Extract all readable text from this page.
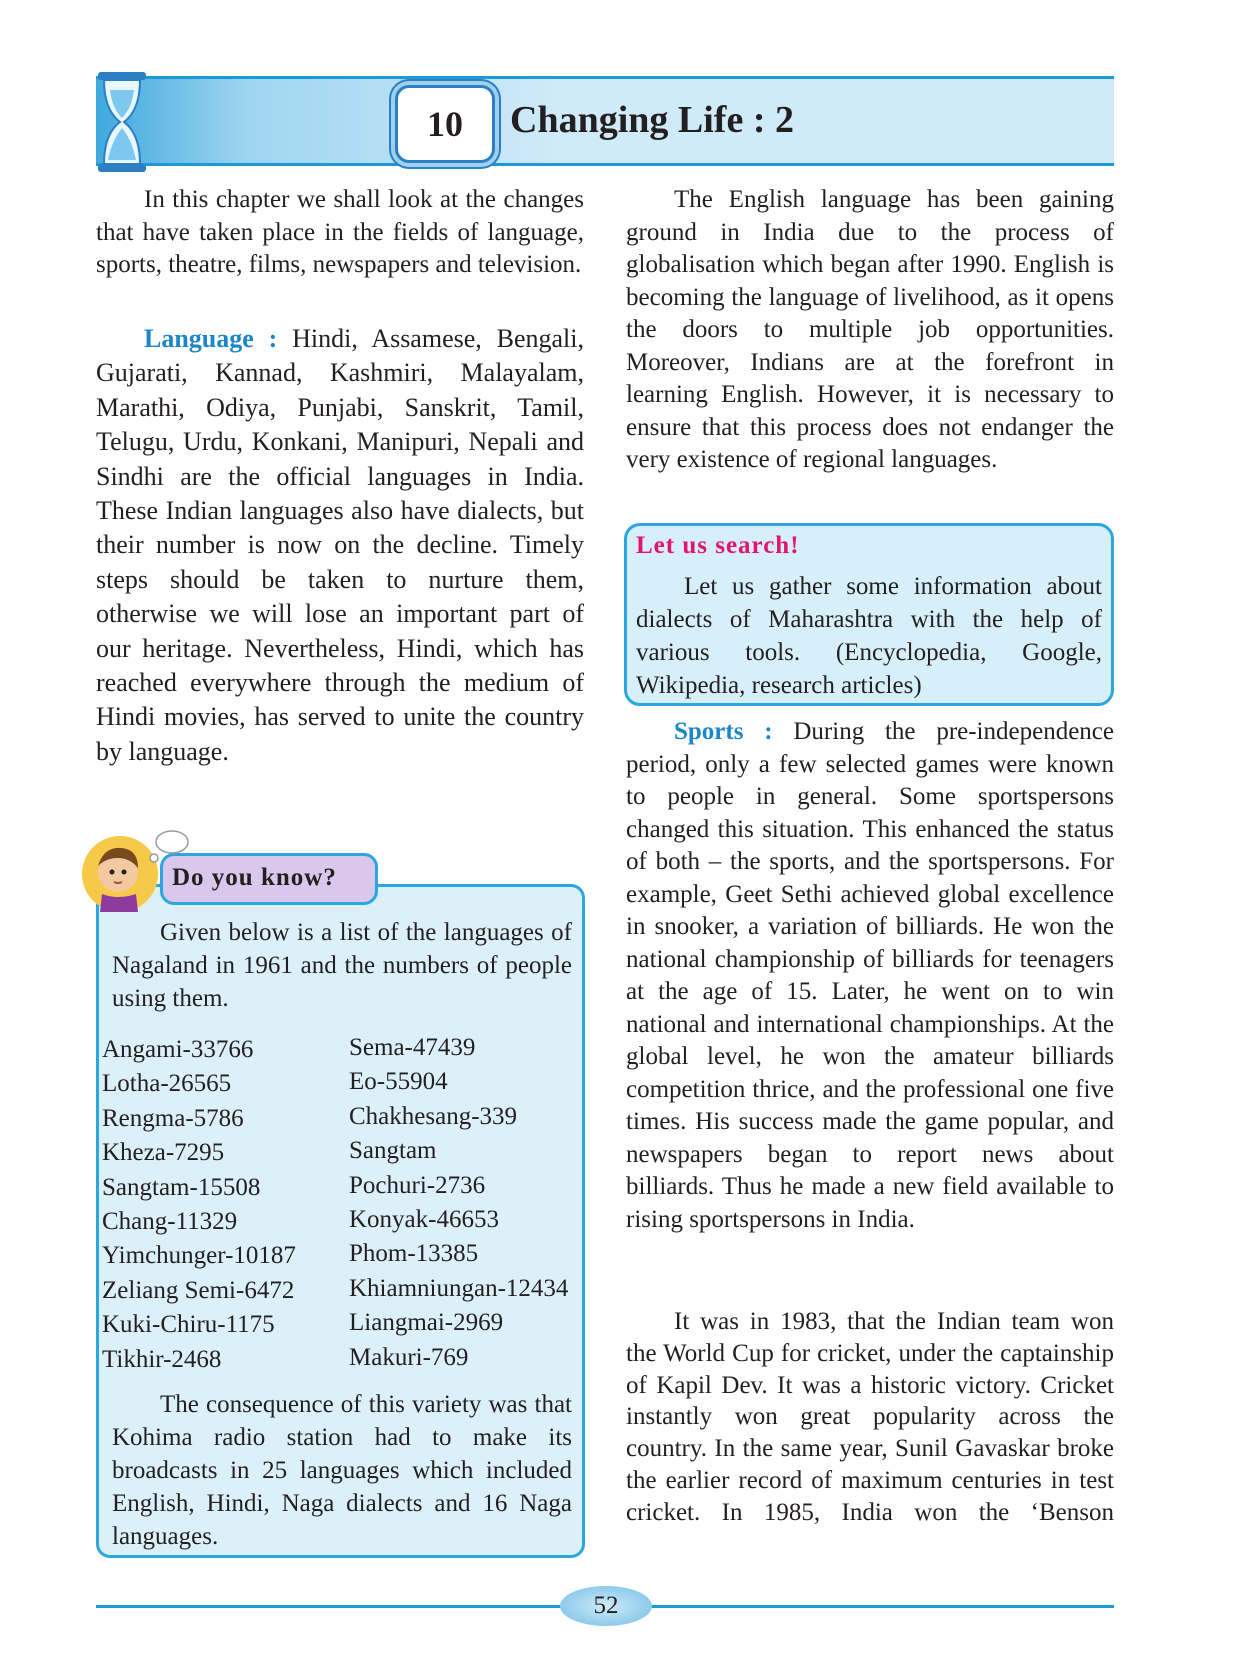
10	Changing Life : 2

In this chapter we shall look at the changes that have taken place in the fields of language, sports, theatre, films, newspapers and television.

Language : Hindi, Assamese, Bengali, Gujarati, Kannad, Kashmiri, Malayalam, Marathi, Odiya, Punjabi, Sanskrit, Tamil, Telugu, Urdu, Konkani, Manipuri, Nepali and Sindhi are the official languages in India. These Indian languages also have dialects, but their number is now on the decline. Timely steps should be taken to nurture them, otherwise we will lose an important part of our heritage. Nevertheless, Hindi, which has reached everywhere through the medium of Hindi movies, has served to unite the country by language.

Do you know?

Given below is a list of the languages of Nagaland in 1961 and the numbers of people using them.

Angami-33766
Lotha-26565
Rengma-5786
Kheza-7295
Sangtam-15508
Chang-11329
Yimchunger-10187
Zeliang Semi-6472
Kuki-Chiru-1175
Tikhir-2468
Sema-47439
Eo-55904
Chakhesang-339
Sangtam
Pochuri-2736
Konyak-46653
Phom-13385
Khiamniungan-12434
Liangmai-2969
Makuri-769

The consequence of this variety was that Kohima radio station had to make its broadcasts in 25 languages which included English, Hindi, Naga dialects and 16 Naga languages.

The English language has been gaining ground in India due to the process of globalisation which began after 1990. English is becoming the language of livelihood, as it opens the doors to multiple job opportunities. Moreover, Indians are at the forefront in learning English. However, it is necessary to ensure that this process does not endanger the very existence of regional languages.

Let us search!

Let us gather some information about dialects of Maharashtra with the help of various tools. (Encyclopedia, Google, Wikipedia, research articles)

Sports : During the pre-independence period, only a few selected games were known to people in general. Some sportspersons changed this situation. This enhanced the status of both – the sports, and the sportspersons. For example, Geet Sethi achieved global excellence in snooker, a variation of billiards. He won the national championship of billiards for teenagers at the age of 15. Later, he went on to win national and international championships. At the global level, he won the amateur billiards competition thrice, and the professional one five times. His success made the game popular, and newspapers began to report news about billiards. Thus he made a new field available to rising sportspersons in India.

It was in 1983, that the Indian team won the World Cup for cricket, under the captainship of Kapil Dev. It was a historic victory. Cricket instantly won great popularity across the country. In the same year, Sunil Gavaskar broke the earlier record of maximum centuries in test cricket. In 1985, India won the ‘Benson

52
